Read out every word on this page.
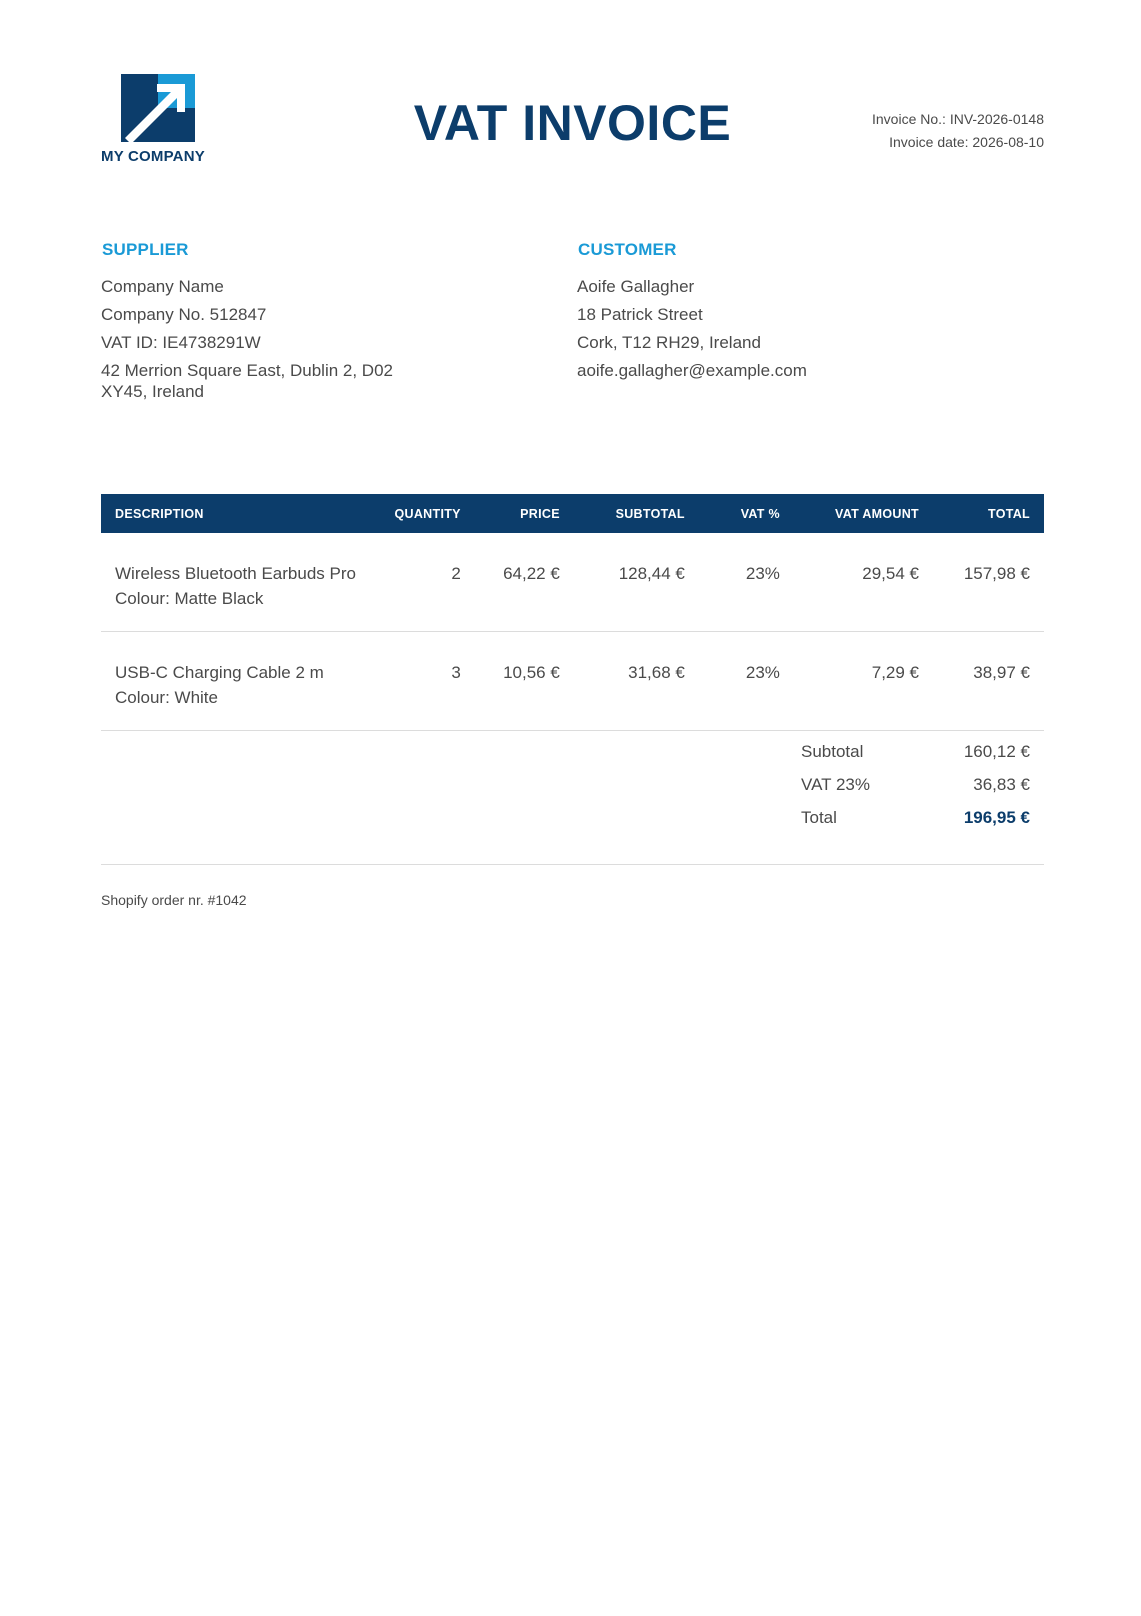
MY COMPANY
VAT INVOICE	Invoice No.: INV-2026-0148
Invoice date: 2026-08-10
SUPPLIER
Company Name
Company No. 512847
VAT ID: IE4738291W
42 Merrion Square East, Dublin 2, D02 XY45, Ireland
CUSTOMER
Aoife Gallagher
18 Patrick Street
Cork, T12 RH29, Ireland
aoife.gallagher@example.com
DESCRIPTION	QUANTITY	PRICE	SUBTOTAL	VAT %	VAT AMOUNT	TOTAL

Wireless Bluetooth Earbuds Pro
Colour: Matte Black	2	64,22 €	128,44 €	23%	29,54 €	157,98 €

USB-C Charging Cable 2 m
Colour: White	3	10,56 €	31,68 €	23%	7,29 €	38,97 €
Subtotal	160,12 €
VAT 23%	36,83 €
Total	196,95 €
Shopify order nr. #1042
